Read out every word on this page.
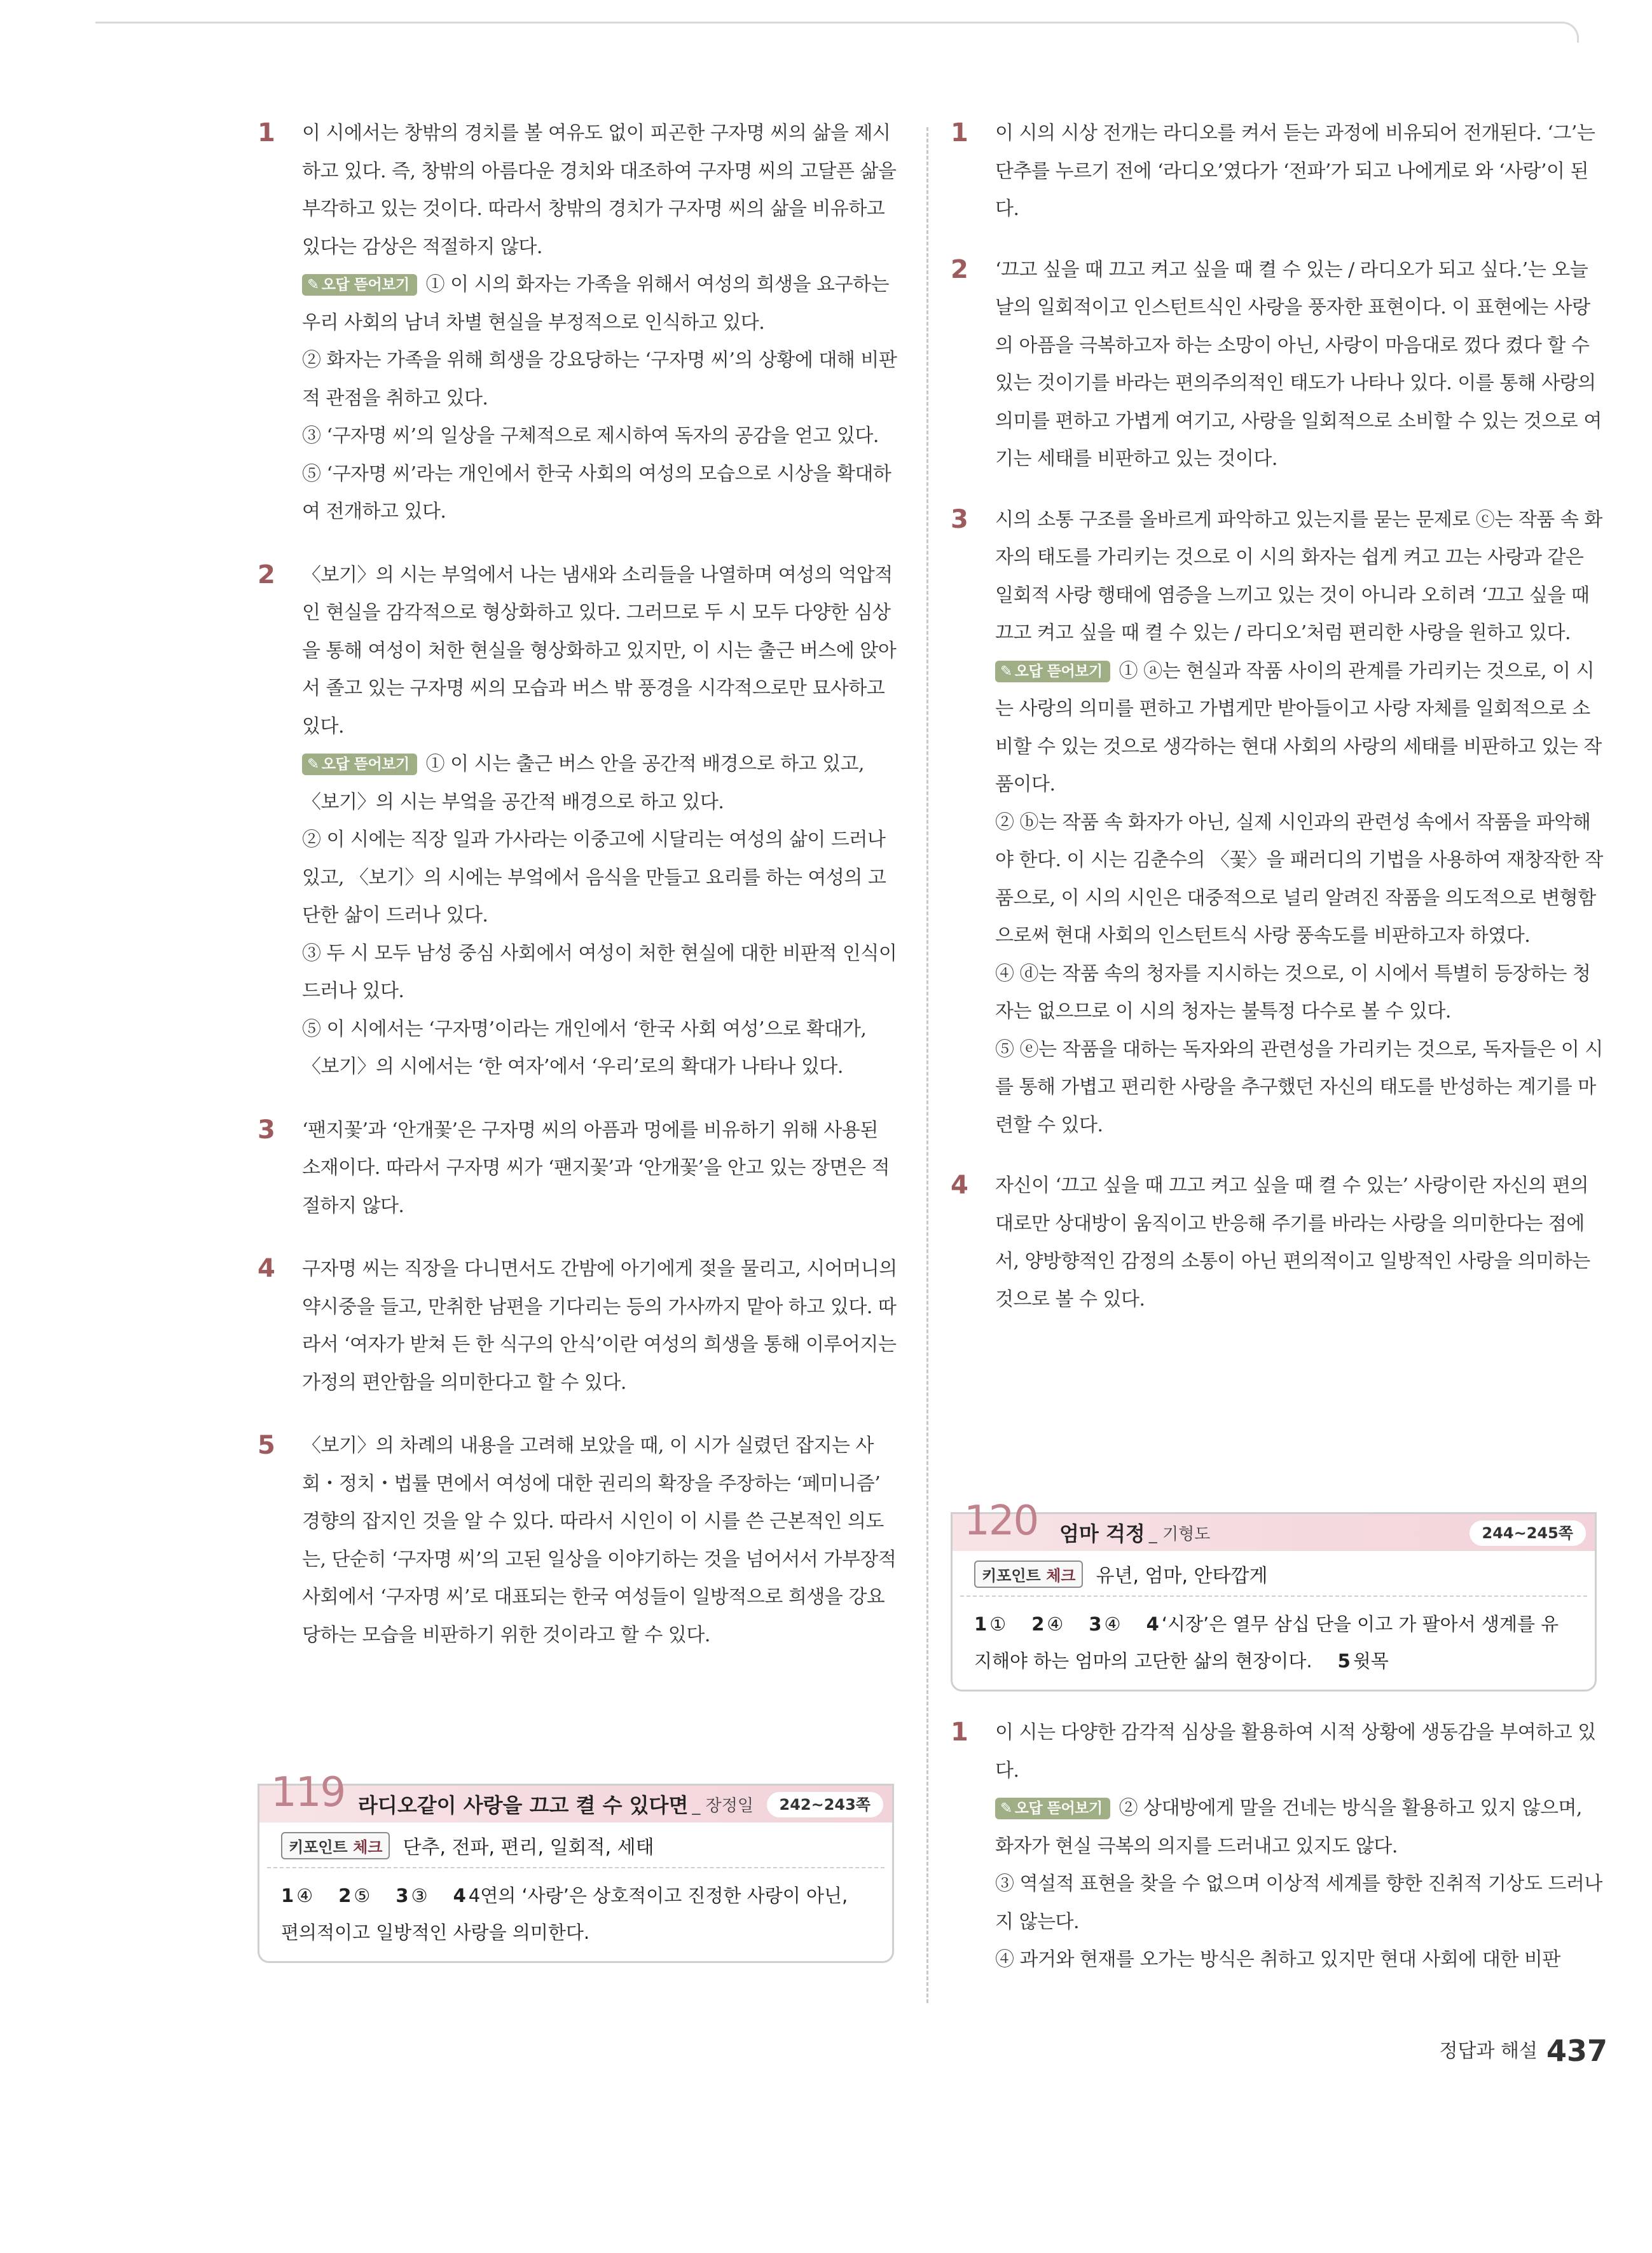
1 이 시에서는 창밖의 경치를 볼 여유도 없이 피곤한 구자명 씨의 삶을 제시하고 있다. 즉, 창밖의 아름다운 경치와 대조하여 구자명 씨의 고달픈 삶을 부각하고 있는 것이다. 따라서 창밖의 경치가 구자명 씨의 삶을 비유하고 있다는 감상은 적절하지 않다.

✎ 오답 뜯어보기 ① 이 시의 화자는 가족을 위해서 여성의 희생을 요구하는 우리 사회의 남녀 차별 현실을 부정적으로 인식하고 있다.

② 화자는 가족을 위해 희생을 강요당하는 ‘구자명 씨’의 상황에 대해 비판적 관점을 취하고 있다.

③ ‘구자명 씨’의 일상을 구체적으로 제시하여 독자의 공감을 얻고 있다.

⑤ ‘구자명 씨’라는 개인에서 한국 사회의 여성의 모습으로 시상을 확대하여 전개하고 있다.

2 〈보기〉의 시는 부엌에서 나는 냄새와 소리들을 나열하며 여성의 억압적인 현실을 감각적으로 형상화하고 있다. 그러므로 두 시 모두 다양한 심상을 통해 여성이 처한 현실을 형상화하고 있지만, 이 시는 출근 버스에 앉아서 졸고 있는 구자명 씨의 모습과 버스 밖 풍경을 시각적으로만 묘사하고 있다.

✎ 오답 뜯어보기 ① 이 시는 출근 버스 안을 공간적 배경으로 하고 있고, 〈보기〉의 시는 부엌을 공간적 배경으로 하고 있다.

② 이 시에는 직장 일과 가사라는 이중고에 시달리는 여성의 삶이 드러나 있고, 〈보기〉의 시에는 부엌에서 음식을 만들고 요리를 하는 여성의 고단한 삶이 드러나 있다.

③ 두 시 모두 남성 중심 사회에서 여성이 처한 현실에 대한 비판적 인식이 드러나 있다.

⑤ 이 시에서는 ‘구자명’이라는 개인에서 ‘한국 사회 여성’으로 확대가, 〈보기〉의 시에서는 ‘한 여자’에서 ‘우리’로의 확대가 나타나 있다.

3 ‘팬지꽃’과 ‘안개꽃’은 구자명 씨의 아픔과 멍에를 비유하기 위해 사용된 소재이다. 따라서 구자명 씨가 ‘팬지꽃’과 ‘안개꽃’을 안고 있는 장면은 적절하지 않다.

4 구자명 씨는 직장을 다니면서도 간밤에 아기에게 젖을 물리고, 시어머니의 약시중을 들고, 만취한 남편을 기다리는 등의 가사까지 맡아 하고 있다. 따라서 ‘여자가 받쳐 든 한 식구의 안식’이란 여성의 희생을 통해 이루어지는 가정의 편안함을 의미한다고 할 수 있다.

5 〈보기〉의 차례의 내용을 고려해 보았을 때, 이 시가 실렸던 잡지는 사회・정치・법률 면에서 여성에 대한 권리의 확장을 주장하는 ‘페미니즘’ 경향의 잡지인 것을 알 수 있다. 따라서 시인이 이 시를 쓴 근본적인 의도는, 단순히 ‘구자명 씨’의 고된 일상을 이야기하는 것을 넘어서서 가부장적 사회에서 ‘구자명 씨’로 대표되는 한국 여성들이 일방적으로 희생을 강요당하는 모습을 비판하기 위한 것이라고 할 수 있다.

119 라디오같이 사랑을 끄고 켤 수 있다면 _ 장정일	242~243쪽
키포인트 체크	단추, 전파, 편리, 일회적, 세태
1 ④ 2 ⑤ 3 ③ 4 4연의 ‘사랑’은 상호적이고 진정한 사랑이 아닌, 편의적이고 일방적인 사랑을 의미한다.
1 이 시의 시상 전개는 라디오를 켜서 듣는 과정에 비유되어 전개된다. ‘그’는 단추를 누르기 전에 ‘라디오’였다가 ‘전파’가 되고 나에게로 와 ‘사랑’이 된다.

2 ‘끄고 싶을 때 끄고 켜고 싶을 때 켤 수 있는 / 라디오가 되고 싶다.’는 오늘날의 일회적이고 인스턴트식인 사랑을 풍자한 표현이다. 이 표현에는 사랑의 아픔을 극복하고자 하는 소망이 아닌, 사랑이 마음대로 껐다 켰다 할 수 있는 것이기를 바라는 편의주의적인 태도가 나타나 있다. 이를 통해 사랑의 의미를 편하고 가볍게 여기고, 사랑을 일회적으로 소비할 수 있는 것으로 여기는 세태를 비판하고 있는 것이다.

3 시의 소통 구조를 올바르게 파악하고 있는지를 묻는 문제로 ⓒ는 작품 속 화자의 태도를 가리키는 것으로 이 시의 화자는 쉽게 켜고 끄는 사랑과 같은 일회적 사랑 행태에 염증을 느끼고 있는 것이 아니라 오히려 ‘끄고 싶을 때 끄고 켜고 싶을 때 켤 수 있는 / 라디오’처럼 편리한 사랑을 원하고 있다.

✎ 오답 뜯어보기 ① ⓐ는 현실과 작품 사이의 관계를 가리키는 것으로, 이 시는 사랑의 의미를 편하고 가볍게만 받아들이고 사랑 자체를 일회적으로 소비할 수 있는 것으로 생각하는 현대 사회의 사랑의 세태를 비판하고 있는 작품이다.

② ⓑ는 작품 속 화자가 아닌, 실제 시인과의 관련성 속에서 작품을 파악해야 한다. 이 시는 김춘수의 〈꽃〉을 패러디의 기법을 사용하여 재창작한 작품으로, 이 시의 시인은 대중적으로 널리 알려진 작품을 의도적으로 변형함으로써 현대 사회의 인스턴트식 사랑 풍속도를 비판하고자 하였다.

④ ⓓ는 작품 속의 청자를 지시하는 것으로, 이 시에서 특별히 등장하는 청자는 없으므로 이 시의 청자는 불특정 다수로 볼 수 있다.

⑤ ⓔ는 작품을 대하는 독자와의 관련성을 가리키는 것으로, 독자들은 이 시를 통해 가볍고 편리한 사랑을 추구했던 자신의 태도를 반성하는 계기를 마련할 수 있다.

4 자신이 ‘끄고 싶을 때 끄고 켜고 싶을 때 켤 수 있는’ 사랑이란 자신의 편의대로만 상대방이 움직이고 반응해 주기를 바라는 사랑을 의미한다는 점에서, 양방향적인 감정의 소통이 아닌 편의적이고 일방적인 사랑을 의미하는 것으로 볼 수 있다.

120 엄마 걱정 _ 기형도	244~245쪽
키포인트 체크	유년, 엄마, 안타깝게
1 ① 2 ④ 3 ④ 4 ‘시장’은 열무 삼십 단을 이고 가 팔아서 생계를 유지해야 하는 엄마의 고단한 삶의 현장이다. 5 윗목
1 이 시는 다양한 감각적 심상을 활용하여 시적 상황에 생동감을 부여하고 있다.

✎ 오답 뜯어보기 ② 상대방에게 말을 건네는 방식을 활용하고 있지 않으며, 화자가 현실 극복의 의지를 드러내고 있지도 않다.

③ 역설적 표현을 찾을 수 없으며 이상적 세계를 향한 진취적 기상도 드러나지 않는다.

④ 과거와 현재를 오가는 방식은 취하고 있지만 현대 사회에 대한 비판

정답과 해설 437
